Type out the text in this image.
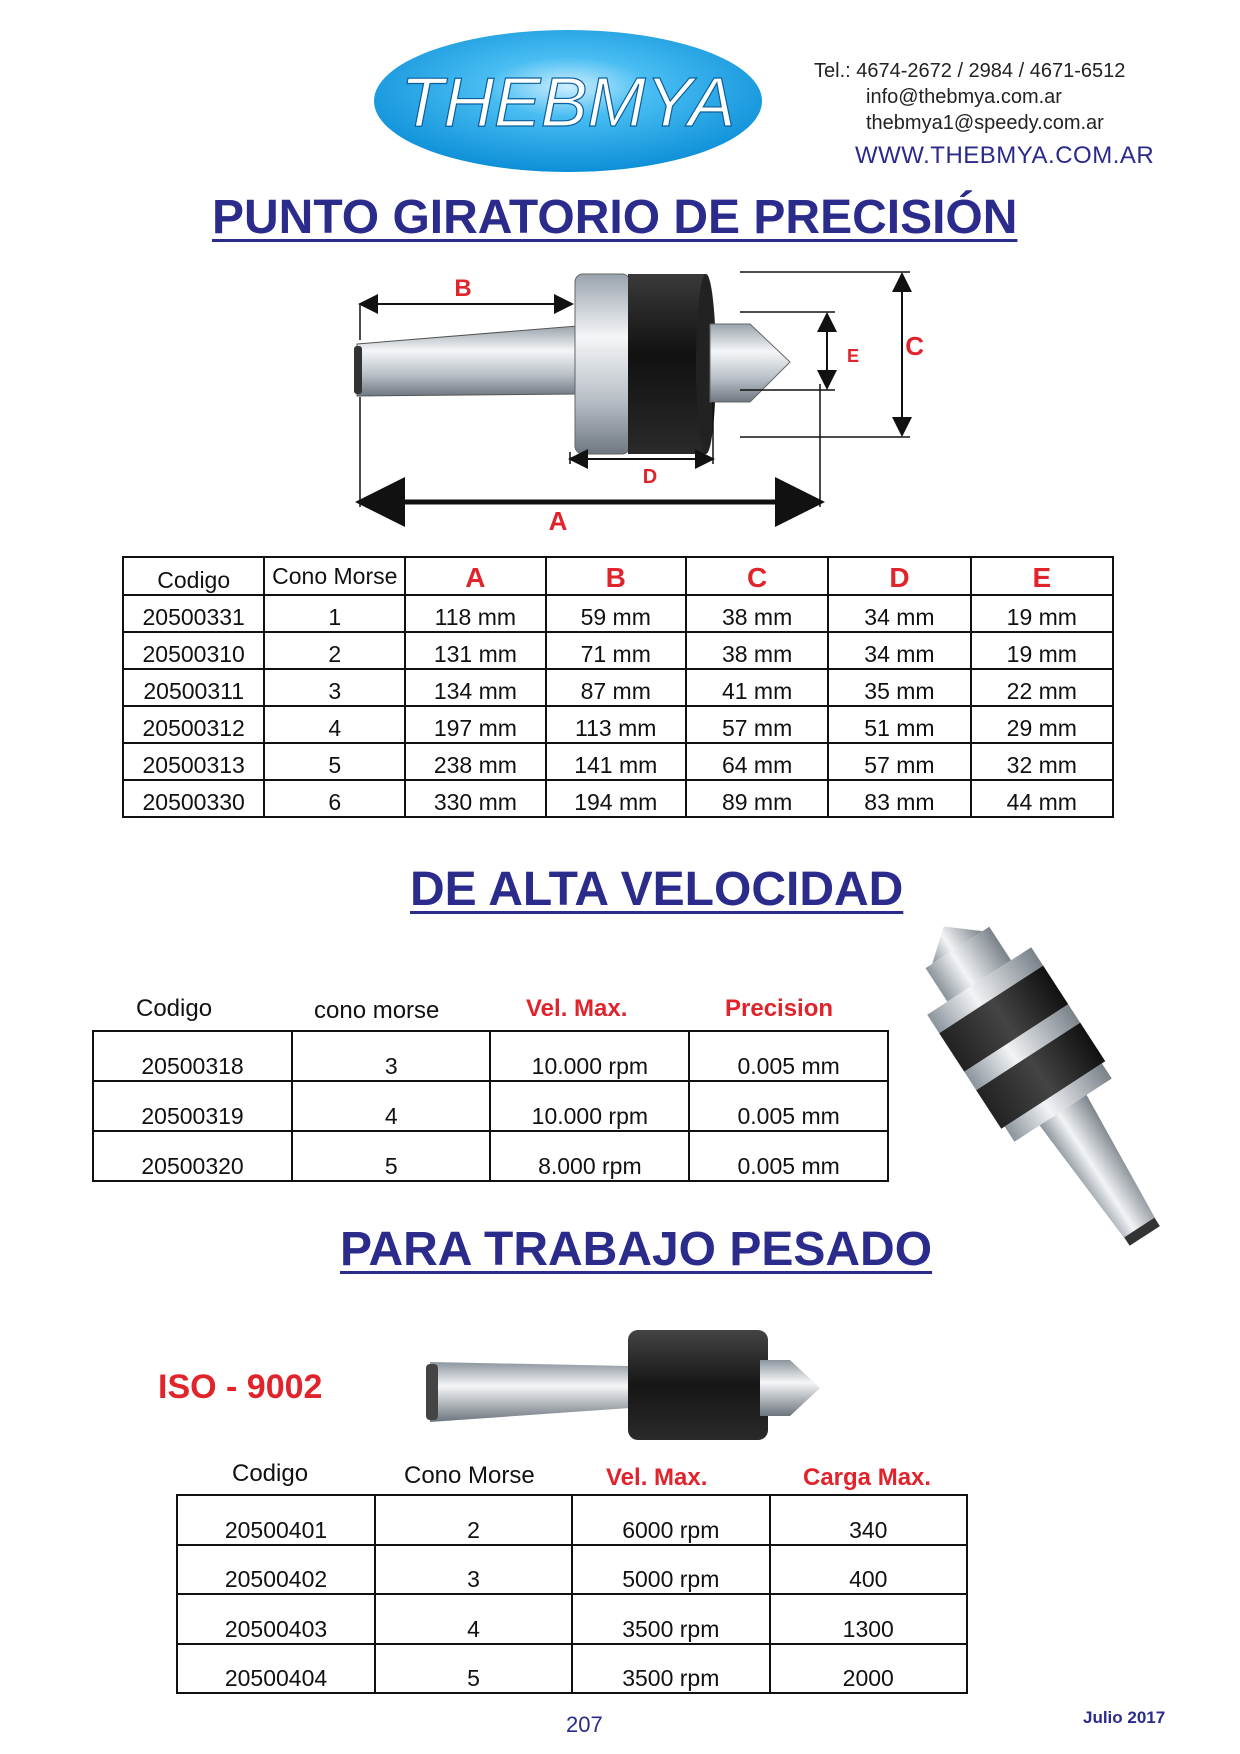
THEBMYA	Tel.: 4674-2672 / 2984 / 4671-6512
info@thebmya.com.ar
thebmya1@speedy.com.ar
WWW.THEBMYA.COM.AR
PUNTO GIRATORIO DE PRECISIÓN
B
A
D
C
E
Codigo	Cono Morse	A	B	C	D	E
20500331	1	118 mm	59 mm	38 mm	34 mm	19 mm
20500310	2	131 mm	71 mm	38 mm	34 mm	19 mm
20500311	3	134 mm	87 mm	41 mm	35 mm	22 mm
20500312	4	197 mm	113 mm	57 mm	51 mm	29 mm
20500313	5	238 mm	141 mm	64 mm	57 mm	32 mm
20500330	6	330 mm	194 mm	89 mm	83 mm	44 mm
DE ALTA VELOCIDAD
Codigo	cono morse	Vel. Max.	Precision
20500318	3	10.000 rpm	0.005 mm
20500319	4	10.000 rpm	0.005 mm
20500320	5	8.000 rpm	0.005 mm
PARA TRABAJO PESADO
ISO - 9002
Codigo	Cono Morse	Vel. Max.	Carga Max.
20500401	2	6000 rpm	340
20500402	3	5000 rpm	400
20500403	4	3500 rpm	1300
20500404	5	3500 rpm	2000
207	Julio 2017
